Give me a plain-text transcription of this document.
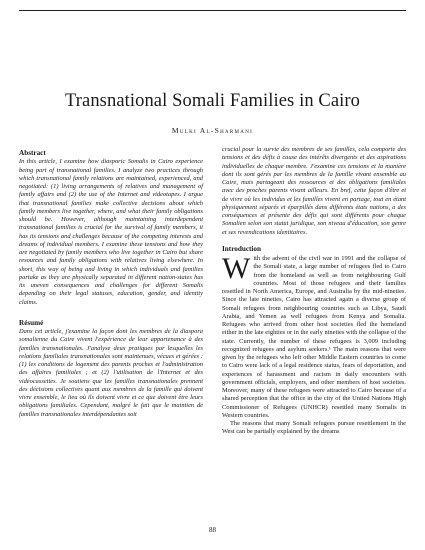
Transnational Somali Families in Cairo
Mulki Al-Sharmani
Abstract

In this article, I examine how diasporic Somalis in Cairo experience being part of transnational families. I analyze two practices through which transnational family relations are maintained, experienced, and negotiated: (1) living arrangements of relatives and management of family affairs and (2) the use of the Internet and videotapes. I argue that transnational families make collective decisions about which family members live together, where, and what their family obligations should be. However, although maintaining interdependent transnational families is crucial for the survival of family members, it has its tensions and challenges because of the competing interests and dreams of individual members. I examine these tensions and how they are negotiated by family members who live together in Cairo but share resources and family obligations with relatives living elsewhere. In short, this way of being and living in which individuals and families partake as they are physically separated in different nation-states has its uneven consequences and challenges for different Somalis depending on their legal statuses, education, gender, and identity claims.

Résumé

Dans cet article, j'examine la façon dont les membres de la diaspora somalienne du Caire vivent l'expérience de leur appartenance à des familles transnationales. J'analyse deux pratiques par lesquelles les relations familiales transnationales sont maintenues, vécues et gérées : (1) les conditions de logement des parents proches et l'administration des affaires familiales ; et (2) l'utilisation de l'Internet et des vidéocassettes. Je soutiens que les familles transnationales prennent des décisions collectives quant aux membres de la famille qui doivent vivre ensemble, le lieu où ils doivent vivre et ce que doivent être leurs obligations familiales. Cependant, malgré le fait que le maintien de familles transnationales interdépendantes soit

crucial pour la survie des membres de ses familles, cela comporte des tensions et des défis à cause des intérêts divergents et des aspirations individuelles de chaque membre. J'examine ces tensions et la manière dont ils sont gérés par les membres de la famille vivant ensemble au Caire, mais partageant des ressources et des obligations familiales avec des proches parents vivant ailleurs. En bref, cette façon d'être et de vivre où les individus et les familles vivent en partage, tout en étant physiquement séparés et éparpillés dans différents états nations, a des conséquences et présente des défis qui sont différents pour chaque Somalien selon son statut juridique, son niveau d'éducation, son genre et ses revendications identitaires.

Introduction

With the advent of the civil war in 1991 and the collapse of the Somali state, a large number of refugees fled to Cairo from the homeland as well as from neighbouring Gulf countries. Most of those refugees and their families resettled in North America, Europe, and Australia by the mid-nineties. Since the late nineties, Cairo has attracted again a diverse group of Somali refugees from neighbouring countries such as Libya, Saudi Arabia, and Yemen as well refugees from Kenya and Somalia. Refugees who arrived from other host societies fled the homeland either in the late eighties or in the early nineties with the collapse of the state. Currently, the number of these refugees is 3,009 including recognized refugees and asylum seekers.¹ The main reasons that were given by the refugees who left other Middle Eastern countries to come to Cairo were lack of a legal residence status, fears of deportation, and experiences of harassment and racism in daily encounters with government officials, employers, and other members of host societies. Moreover, many of these refugees were attracted to Cairo because of a shared perception that the office in the city of the United Nations High Commissioner of Refugees (UNHCR) resettled many Somalis in Western countries.

The reasons that many Somali refugees pursue resettlement in the West can be partially explained by the dreams

88
